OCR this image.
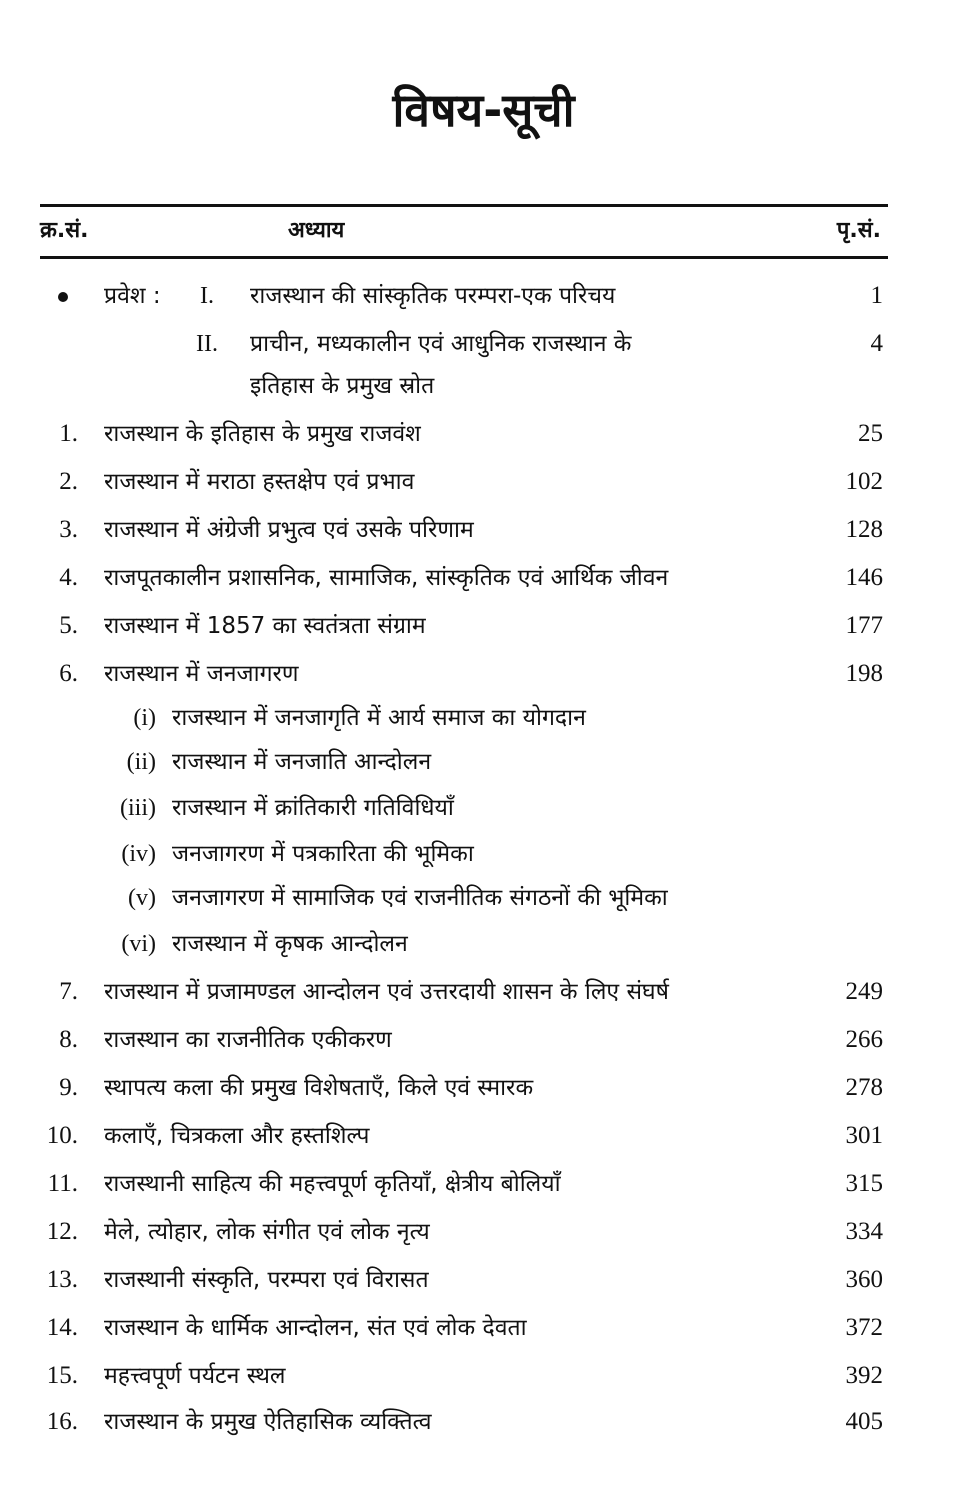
विषय-सूची
क्र.सं.	अध्याय	पृ.सं.
प्रवेश : I. राजस्थान की सांस्कृतिक परम्परा-एक परिचय	1
II. प्राचीन, मध्यकालीन एवं आधुनिक राजस्थान के	4
इतिहास के प्रमुख स्रोत
1. राजस्थान के इतिहास के प्रमुख राजवंश	25
2. राजस्थान में मराठा हस्तक्षेप एवं प्रभाव	102
3. राजस्थान में अंग्रेजी प्रभुत्व एवं उसके परिणाम	128
4. राजपूतकालीन प्रशासनिक, सामाजिक, सांस्कृतिक एवं आर्थिक जीवन	146
5. राजस्थान में 1857 का स्वतंत्रता संग्राम	177
6. राजस्थान में जनजागरण	198
(i) राजस्थान में जनजागृति में आर्य समाज का योगदान
(ii) राजस्थान में जनजाति आन्दोलन
(iii) राजस्थान में क्रांतिकारी गतिविधियाँ
(iv) जनजागरण में पत्रकारिता की भूमिका
(v) जनजागरण में सामाजिक एवं राजनीतिक संगठनों की भूमिका
(vi) राजस्थान में कृषक आन्दोलन
7. राजस्थान में प्रजामण्डल आन्दोलन एवं उत्तरदायी शासन के लिए संघर्ष	249
8. राजस्थान का राजनीतिक एकीकरण	266
9. स्थापत्य कला की प्रमुख विशेषताएँ, किले एवं स्मारक	278
10. कलाएँ, चित्रकला और हस्तशिल्प	301
11. राजस्थानी साहित्य की महत्त्वपूर्ण कृतियाँ, क्षेत्रीय बोलियाँ	315
12. मेले, त्योहार, लोक संगीत एवं लोक नृत्य	334
13. राजस्थानी संस्कृति, परम्परा एवं विरासत	360
14. राजस्थान के धार्मिक आन्दोलन, संत एवं लोक देवता	372
15. महत्त्वपूर्ण पर्यटन स्थल	392
16. राजस्थान के प्रमुख ऐतिहासिक व्यक्तित्व	405
